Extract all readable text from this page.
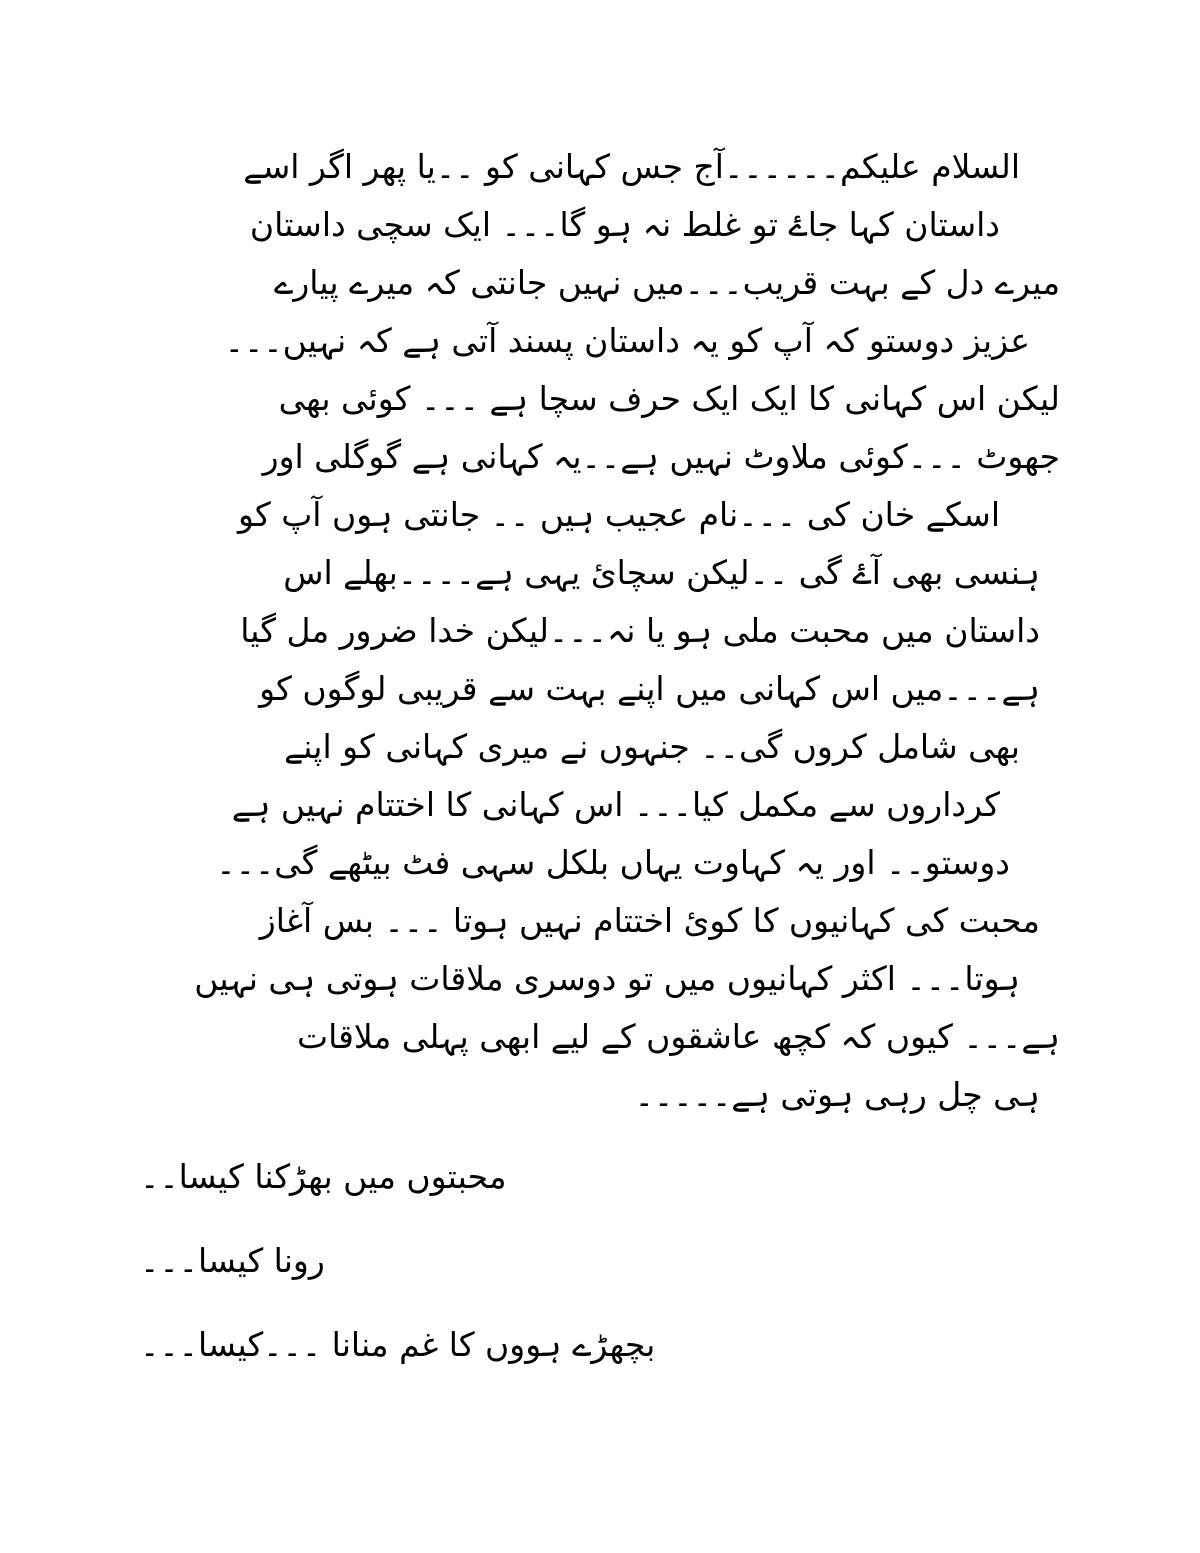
السلام علیکم۔۔۔۔۔۔آج جس کہانی کو ۔۔یا پھر اگر اسے
داستان کہا جاۓ تو غلط نہ ہو گا۔۔۔ ایک سچی داستان
میرے دل کے بہت قریب۔۔۔میں نہیں جانتی کہ میرے پیارے
عزیز دوستو کہ آپ کو یہ داستان پسند آتی ہے کہ نہیں۔۔۔
لیکن اس کہانی کا ایک ایک حرف سچا ہے ۔۔۔ کوئی بھی
جھوٹ ۔۔۔کوئی ملاوٹ نہیں ہے۔۔یہ کہانی ہے گوگلی اور
اسکے خان کی ۔۔۔نام عجیب ہیں ۔۔ جانتی ہوں آپ کو
ہنسی بھی آۓ گی ۔۔لیکن سچائ یہی ہے۔۔۔۔بھلے اس
داستان میں محبت ملی ہو یا نہ۔۔۔لیکن خدا ضرور مل گیا
ہے۔۔۔میں اس کہانی میں اپنے بہت سے قریبی لوگوں کو
بھی شامل کروں گی۔۔ جنہوں نے میری کہانی کو اپنے
کرداروں سے مکمل کیا۔۔۔ اس کہانی کا اختتام نہیں ہے
دوستو۔۔ اور یہ کہاوت یہاں بلکل سہی فٹ بیٹھے گی۔۔۔
محبت کی کہانیوں کا کوئ اختتام نہیں ہوتا ۔۔۔ بس آغاز
ہوتا۔۔۔ اکثر کہانیوں میں تو دوسری ملاقات ہوتی ہی نہیں
ہے۔۔۔ کیوں کہ کچھ عاشقوں کے لیے ابھی پہلی ملاقات
ہی چل رہی ہوتی ہے۔۔۔۔۔
محبتوں میں بھڑکنا کیسا۔۔
رونا کیسا۔۔۔
بچھڑے ہووں کا غم منانا ۔۔۔کیسا۔۔۔
